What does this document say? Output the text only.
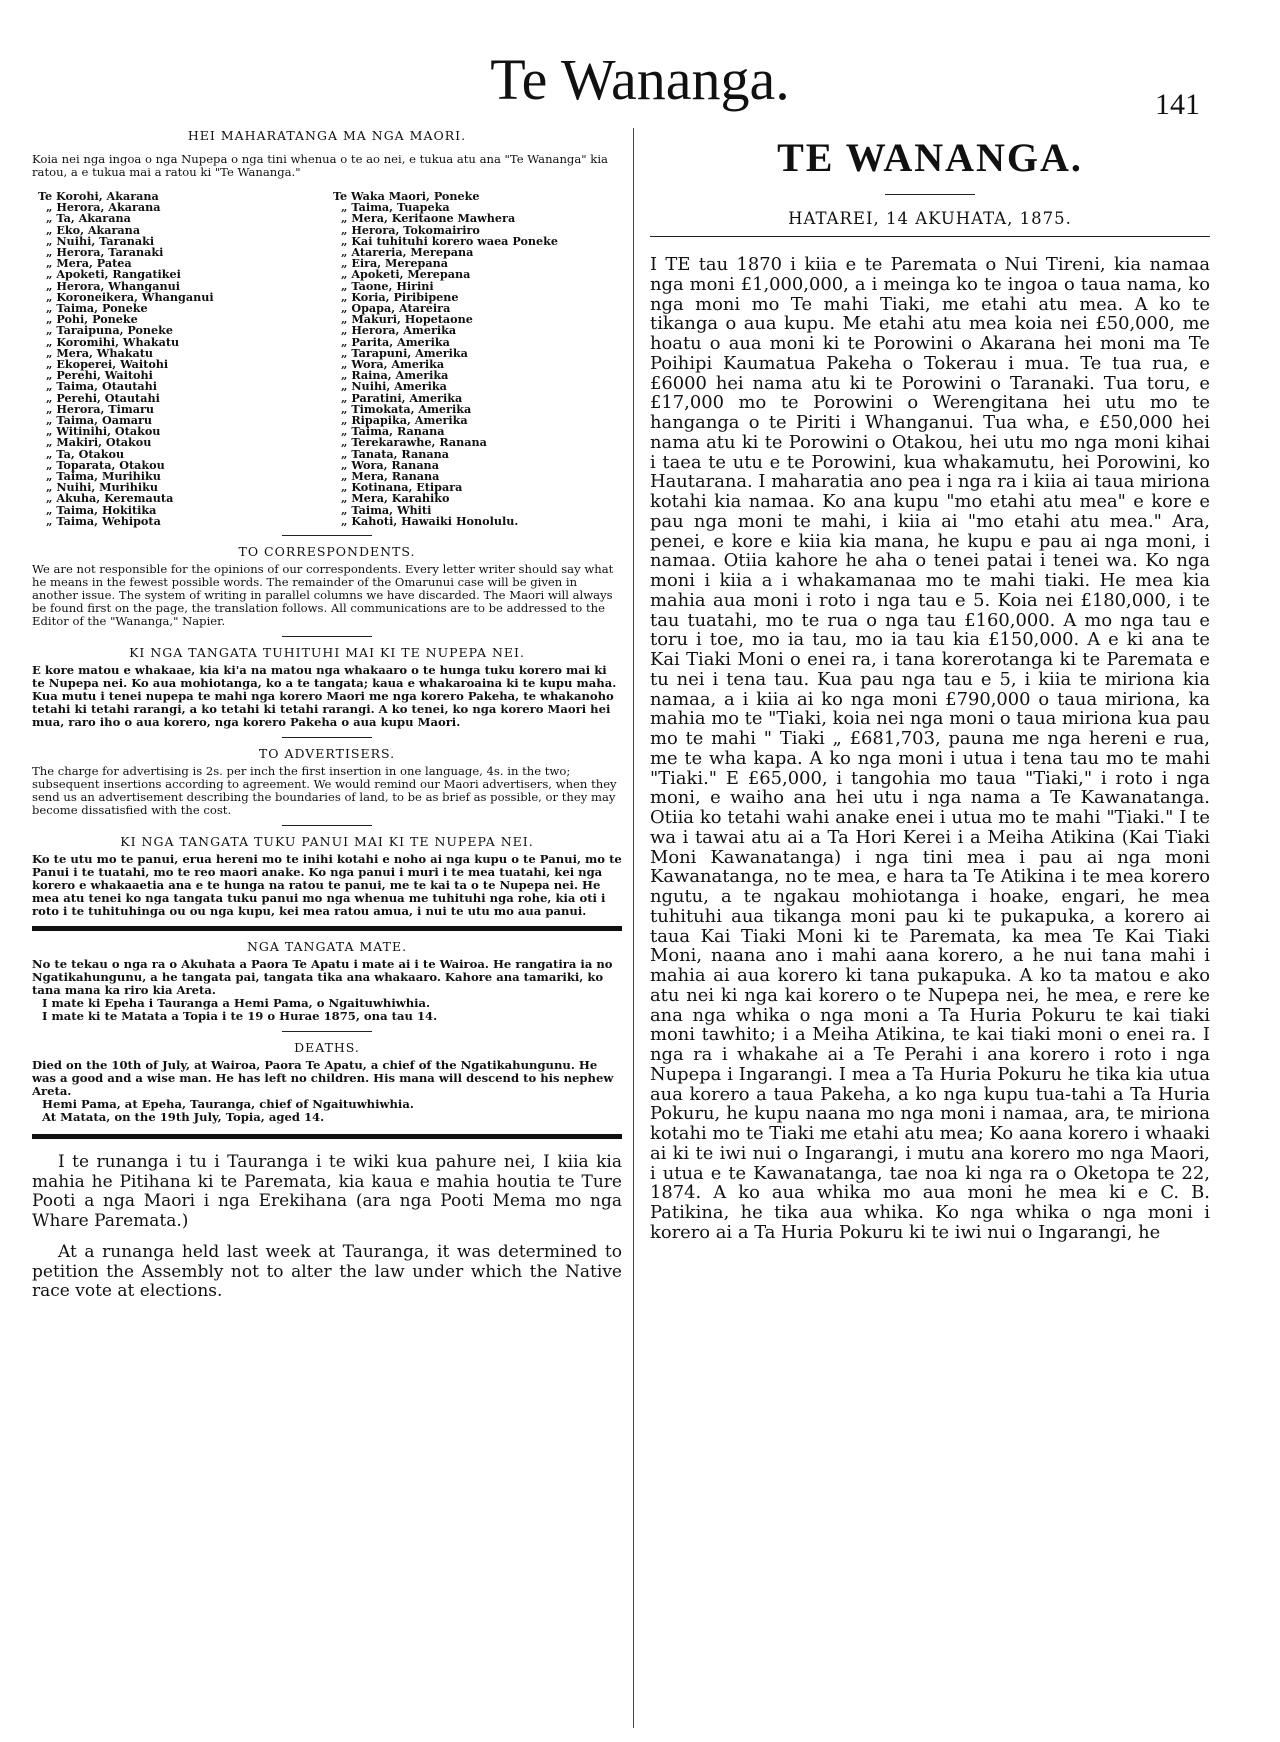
Te Wananga.	141

HEI MAHARATANGA MA NGA MAORI.

Koia nei nga ingoa o nga Nupepa o nga tini whenua o te ao nei, e tukua atu ana "Te Wananga" kia ratou, a e tukua mai a ratou ki "Te Wananga."

Te Korohi, Akarana
„ Herora, Akarana
„ Ta, Akarana
„ Eko, Akarana
„ Nuihi, Taranaki
„ Herora, Taranaki
„ Mera, Patea
„ Apoketi, Rangatikei
„ Herora, Whanganui
„ Koroneikera, Whanganui
„ Taima, Poneke
„ Pohi, Poneke
„ Taraipuna, Poneke
„ Koromihi, Whakatu
„ Mera, Whakatu
„ Ekoperei, Waitohi
„ Perehi, Waitohi
„ Taima, Otautahi
„ Perehi, Otautahi
„ Herora, Timaru
„ Taima, Oamaru
„ Witinihi, Otakou
„ Makiri, Otakou
„ Ta, Otakou
„ Toparata, Otakou
„ Taima, Murihiku
„ Nuihi, Murihiku
„ Akuha, Keremauta
„ Taima, Hokitika
„ Taima, Wehipota
Te Waka Maori, Poneke
„ Taima, Tuapeka
„ Mera, Keritaone Mawhera
„ Herora, Tokomairiro
„ Kai tuhituhi korero waea Poneke
„ Atareria, Merepana
„ Eira, Merepana
„ Apoketi, Merepana
„ Taone, Hirini
„ Koria, Piribipene
„ Opapa, Atareira
„ Makuri, Hopetaone
„ Herora, Amerika
„ Parita, Amerika
„ Tarapuni, Amerika
„ Wora, Amerika
„ Raina, Amerika
„ Nuihi, Amerika
„ Paratini, Amerika
„ Timokata, Amerika
„ Ripapika, Amerika
„ Taima, Ranana
„ Terekarawhe, Ranana
„ Tanata, Ranana
„ Wora, Ranana
„ Mera, Ranana
„ Kotinana, Etipara
„ Mera, Karahiko
„ Taima, Whiti
„ Kahoti, Hawaiki Honolulu.

TO CORRESPONDENTS.

We are not responsible for the opinions of our correspondents. Every letter writer should say what he means in the fewest possible words. The remainder of the Omarunui case will be given in another issue. The system of writing in parallel columns we have discarded. The Maori will always be found first on the page, the translation follows. All communications are to be addressed to the Editor of the "Wananga," Napier.

KI NGA TANGATA TUHITUHI MAI KI TE NUPEPA NEI.

E kore matou e whakaae, kia ki'a na matou nga whakaaro o te hunga tuku korero mai ki te Nupepa nei. Ko aua mohiotanga, ko a te tangata; kaua e whakaroaina ki te kupu maha. Kua mutu i tenei nupepa te mahi nga korero Maori me nga korero Pakeha, te whakanoho tetahi ki tetahi rarangi, a ko tetahi ki tetahi rarangi. A ko tenei, ko nga korero Maori hei mua, raro iho o aua korero, nga korero Pakeha o aua kupu Maori.

TO ADVERTISERS.

The charge for advertising is 2s. per inch the first insertion in one language, 4s. in the two; subsequent insertions according to agreement. We would remind our Maori advertisers, when they send us an advertisement describing the boundaries of land, to be as brief as possible, or they may become dissatisfied with the cost.

KI NGA TANGATA TUKU PANUI MAI KI TE NUPEPA NEI.

Ko te utu mo te panui, erua hereni mo te inihi kotahi e noho ai nga kupu o te Panui, mo te Panui i te tuatahi, mo te reo maori anake. Ko nga panui i muri i te mea tuatahi, kei nga korero e whakaaetia ana e te hunga na ratou te panui, me te kai ta o te Nupepa nei. He mea atu tenei ko nga tangata tuku panui mo nga whenua me tuhituhi nga rohe, kia oti i roto i te tuhituhinga ou ou nga kupu, kei mea ratou amua, i nui te utu mo aua panui.

NGA TANGATA MATE.

No te tekau o nga ra o Akuhata a Paora Te Apatu i mate ai i te Wairoa. He rangatira ia no Ngatikahungunu, a he tangata pai, tangata tika ana whakaaro. Kahore ana tamariki, ko tana mana ka riro kia Areta.

I mate ki Epeha i Tauranga a Hemi Pama, o Ngaituwhiwhia.

I mate ki te Matata a Topia i te 19 o Hurae 1875, ona tau 14.

DEATHS.

Died on the 10th of July, at Wairoa, Paora Te Apatu, a chief of the Ngatikahungunu. He was a good and a wise man. He has left no children. His mana will descend to his nephew Areta.

Hemi Pama, at Epeha, Tauranga, chief of Ngaituwhiwhia.

At Matata, on the 19th July, Topia, aged 14.

I te runanga i tu i Tauranga i te wiki kua pahure nei, I kiia kia mahia he Pitihana ki te Paremata, kia kaua e mahia houtia te Ture Pooti a nga Maori i nga Erekihana (ara nga Pooti Mema mo nga Whare Paremata.)

At a runanga held last week at Tauranga, it was determined to petition the Assembly not to alter the law under which the Native race vote at elections.

TE WANANGA.

HATAREI, 14 AKUHATA, 1875.

I TE tau 1870 i kiia e te Paremata o Nui Tireni, kia namaa nga moni £1,000,000, a i meinga ko te ingoa o taua nama, ko nga moni mo Te mahi Tiaki, me etahi atu mea. A ko te tikanga o aua kupu. Me etahi atu mea koia nei £50,000, me hoatu o aua moni ki te Porowini o Akarana hei moni ma Te Poihipi Kaumatua Pakeha o Tokerau i mua. Te tua rua, e £6000 hei nama atu ki te Porowini o Taranaki. Tua toru, e £17,000 mo te Porowini o Werengitana hei utu mo te hanganga o te Piriti i Whanganui. Tua wha, e £50,000 hei nama atu ki te Porowini o Otakou, hei utu mo nga moni kihai i taea te utu e te Porowini, kua whakamutu, hei Porowini, ko Hautarana. I maharatia ano pea i nga ra i kiia ai taua miriona kotahi kia namaa. Ko ana kupu "mo etahi atu mea" e kore e pau nga moni te mahi, i kiia ai "mo etahi atu mea." Ara, penei, e kore e kiia kia mana, he kupu e pau ai nga moni, i namaa. Otiia kahore he aha o tenei patai i tenei wa. Ko nga moni i kiia a i whakamanaa mo te mahi tiaki. He mea kia mahia aua moni i roto i nga tau e 5. Koia nei £180,000, i te tau tuatahi, mo te rua o nga tau £160,000. A mo nga tau e toru i toe, mo ia tau, mo ia tau kia £150,000. A e ki ana te Kai Tiaki Moni o enei ra, i tana korerotanga ki te Paremata e tu nei i tena tau. Kua pau nga tau e 5, i kiia te miriona kia namaa, a i kiia ai ko nga moni £790,000 o taua miriona, ka mahia mo te "Tiaki, koia nei nga moni o taua miriona kua pau mo te mahi " Tiaki „ £681,703, pauna me nga hereni e rua, me te wha kapa. A ko nga moni i utua i tena tau mo te mahi "Tiaki." E £65,000, i tangohia mo taua "Tiaki," i roto i nga moni, e waiho ana hei utu i nga nama a Te Kawanatanga. Otiia ko tetahi wahi anake enei i utua mo te mahi "Tiaki." I te wa i tawai atu ai a Ta Hori Kerei i a Meiha Atikina (Kai Tiaki Moni Kawanatanga) i nga tini mea i pau ai nga moni Kawanatanga, no te mea, e hara ta Te Atikina i te mea korero ngutu, a te ngakau mohiotanga i hoake, engari, he mea tuhituhi aua tikanga moni pau ki te pukapuka, a korero ai taua Kai Tiaki Moni ki te Paremata, ka mea Te Kai Tiaki Moni, naana ano i mahi aana korero, a he nui tana mahi i mahia ai aua korero ki tana pukapuka. A ko ta matou e ako atu nei ki nga kai korero o te Nupepa nei, he mea, e rere ke ana nga whika o nga moni a Ta Huria Pokuru te kai tiaki moni tawhito; i a Meiha Atikina, te kai tiaki moni o enei ra. I nga ra i whakahe ai a Te Perahi i ana korero i roto i nga Nupepa i Ingarangi. I mea a Ta Huria Pokuru he tika kia utua aua korero a taua Pakeha, a ko nga kupu tua-tahi a Ta Huria Pokuru, he kupu naana mo nga moni i namaa, ara, te miriona kotahi mo te Tiaki me etahi atu mea; Ko aana korero i whaaki ai ki te iwi nui o Ingarangi, i mutu ana korero mo nga Maori, i utua e te Kawanatanga, tae noa ki nga ra o Oketopa te 22, 1874. A ko aua whika mo aua moni he mea ki e C. B. Patikina, he tika aua whika. Ko nga whika o nga moni i korero ai a Ta Huria Pokuru ki te iwi nui o Ingarangi, he
